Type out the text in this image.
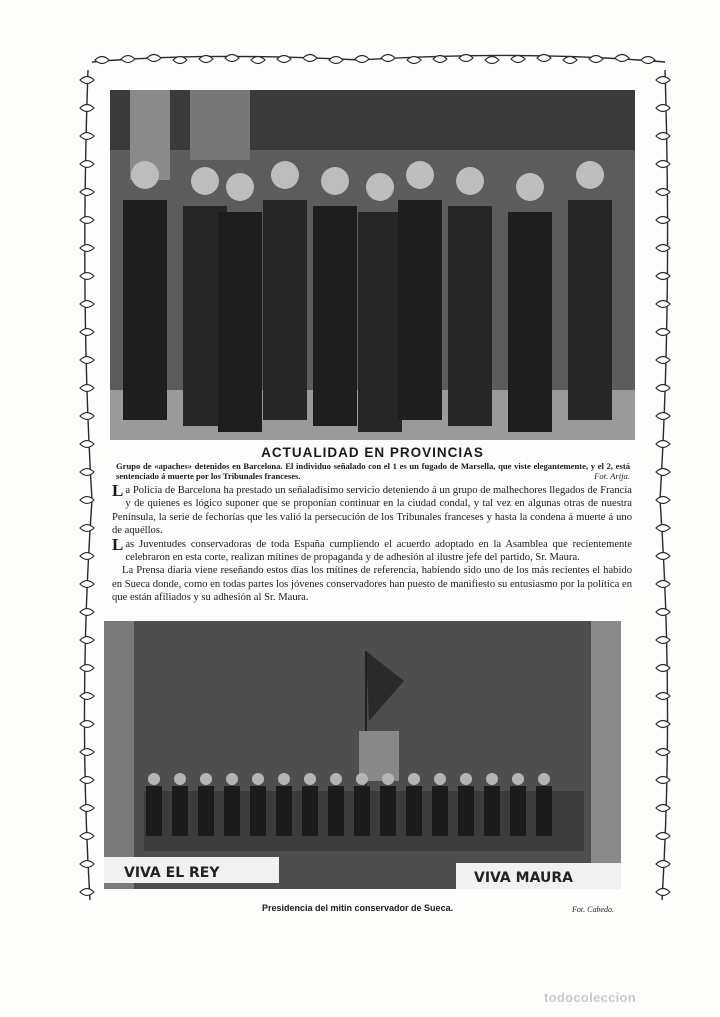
ACTUALIDAD EN PROVINCIAS
Grupo de «apaches» detenidos en Barcelona. El individuo señalado con el 1 es un fugado de Marsella, que viste elegantemente, y el 2, está sentenciado á muerte por los Tribunales franceses.	Fot. Arija.

La Policía de Barcelona ha prestado un señaladísimo servicio deteniendo á un grupo de malhechores llegados de Francia y de quienes es lógico suponer que se proponían continuar en la ciudad condal, y tal vez en algunas otras de nuestra Península, la serie de fechorías que les valió la persecución de los Tribunales franceses y hasta la condena á muerte á uno de aquéllos.

Las Juventudes conservadoras de toda España cumpliendo el acuerdo adoptado en la Asamblea que recientemente celebraron en esta corte, realizan mítines de propaganda y de adhesión al ilustre jefe del partido, Sr. Maura.

La Prensa diaria viene reseñando estos días los mítines de referencia, habiendo sido uno de los más recientes el habido en Sueca donde, como en todas partes los jóvenes conservadores han puesto de manifiesto su entusiasmo por la política en que están afiliados y su adhesión al Sr. Maura.

VIVA EL REY	VIVA MAURA
Presidencia del mitin conservador de Sueca.	Fot. Cabedo.
todocoleccion
